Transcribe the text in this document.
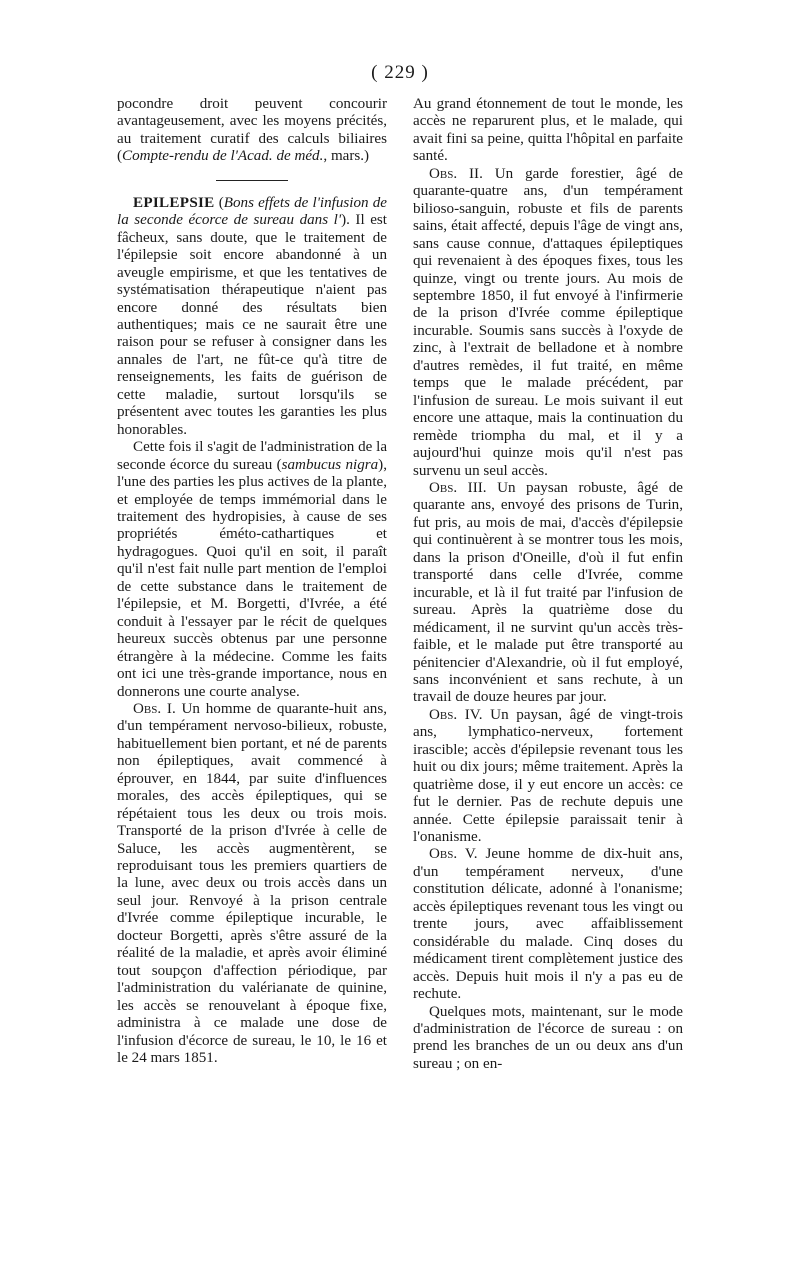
( 229 )

pocondre droit peuvent concourir avantageusement, avec les moyens précités, au traitement curatif des calculs biliaires (Compte-rendu de l'Acad. de méd., mars.)

EPILEPSIE (Bons effets de l'infusion de la seconde écorce de sureau dans l'). Il est fâcheux, sans doute, que le traitement de l'épilepsie soit encore abandonné à un aveugle empirisme, et que les tentatives de systématisation thérapeutique n'aient pas encore donné des résultats bien authentiques; mais ce ne saurait être une raison pour se refuser à consigner dans les annales de l'art, ne fût-ce qu'à titre de renseignements, les faits de guérison de cette maladie, surtout lorsqu'ils se présentent avec toutes les garanties les plus honorables.

Cette fois il s'agit de l'administration de la seconde écorce du sureau (sambucus nigra), l'une des parties les plus actives de la plante, et employée de temps immémorial dans le traitement des hydropisies, à cause de ses propriétés éméto-cathartiques et hydragogues. Quoi qu'il en soit, il paraît qu'il n'est fait nulle part mention de l'emploi de cette substance dans le traitement de l'épilepsie, et M. Borgetti, d'Ivrée, a été conduit à l'essayer par le récit de quelques heureux succès obtenus par une personne étrangère à la médecine. Comme les faits ont ici une très-grande importance, nous en donnerons une courte analyse.

Obs. I. Un homme de quarante-huit ans, d'un tempérament nervoso-bilieux, robuste, habituellement bien portant, et né de parents non épileptiques, avait commencé à éprouver, en 1844, par suite d'influences morales, des accès épileptiques, qui se répétaient tous les deux ou trois mois. Transporté de la prison d'Ivrée à celle de Saluce, les accès augmentèrent, se reproduisant tous les premiers quartiers de la lune, avec deux ou trois accès dans un seul jour. Renvoyé à la prison centrale d'Ivrée comme épileptique incurable, le docteur Borgetti, après s'être assuré de la réalité de la maladie, et après avoir éliminé tout soupçon d'affection périodique, par l'administration du valérianate de quinine, les accès se renouvelant à époque fixe, administra à ce malade une dose de l'infusion d'écorce de sureau, le 10, le 16 et le 24 mars 1851.

Au grand étonnement de tout le monde, les accès ne reparurent plus, et le malade, qui avait fini sa peine, quitta l'hôpital en parfaite santé.

Obs. II. Un garde forestier, âgé de quarante-quatre ans, d'un tempérament bilioso-sanguin, robuste et fils de parents sains, était affecté, depuis l'âge de vingt ans, sans cause connue, d'attaques épileptiques qui revenaient à des époques fixes, tous les quinze, vingt ou trente jours. Au mois de septembre 1850, il fut envoyé à l'infirmerie de la prison d'Ivrée comme épileptique incurable. Soumis sans succès à l'oxyde de zinc, à l'extrait de belladone et à nombre d'autres remèdes, il fut traité, en même temps que le malade précédent, par l'infusion de sureau. Le mois suivant il eut encore une attaque, mais la continuation du remède triompha du mal, et il y a aujourd'hui quinze mois qu'il n'est pas survenu un seul accès.

Obs. III. Un paysan robuste, âgé de quarante ans, envoyé des prisons de Turin, fut pris, au mois de mai, d'accès d'épilepsie qui continuèrent à se montrer tous les mois, dans la prison d'Oneille, d'où il fut enfin transporté dans celle d'Ivrée, comme incurable, et là il fut traité par l'infusion de sureau. Après la quatrième dose du médicament, il ne survint qu'un accès très-faible, et le malade put être transporté au pénitencier d'Alexandrie, où il fut employé, sans inconvénient et sans rechute, à un travail de douze heures par jour.

Obs. IV. Un paysan, âgé de vingt-trois ans, lymphatico-nerveux, fortement irascible; accès d'épilepsie revenant tous les huit ou dix jours; même traitement. Après la quatrième dose, il y eut encore un accès: ce fut le dernier. Pas de rechute depuis une année. Cette épilepsie paraissait tenir à l'onanisme.

Obs. V. Jeune homme de dix-huit ans, d'un tempérament nerveux, d'une constitution délicate, adonné à l'onanisme; accès épileptiques revenant tous les vingt ou trente jours, avec affaiblissement considérable du malade. Cinq doses du médicament tirent complètement justice des accès. Depuis huit mois il n'y a pas eu de rechute.

Quelques mots, maintenant, sur le mode d'administration de l'écorce de sureau : on prend les branches de un ou deux ans d'un sureau ; on en-
